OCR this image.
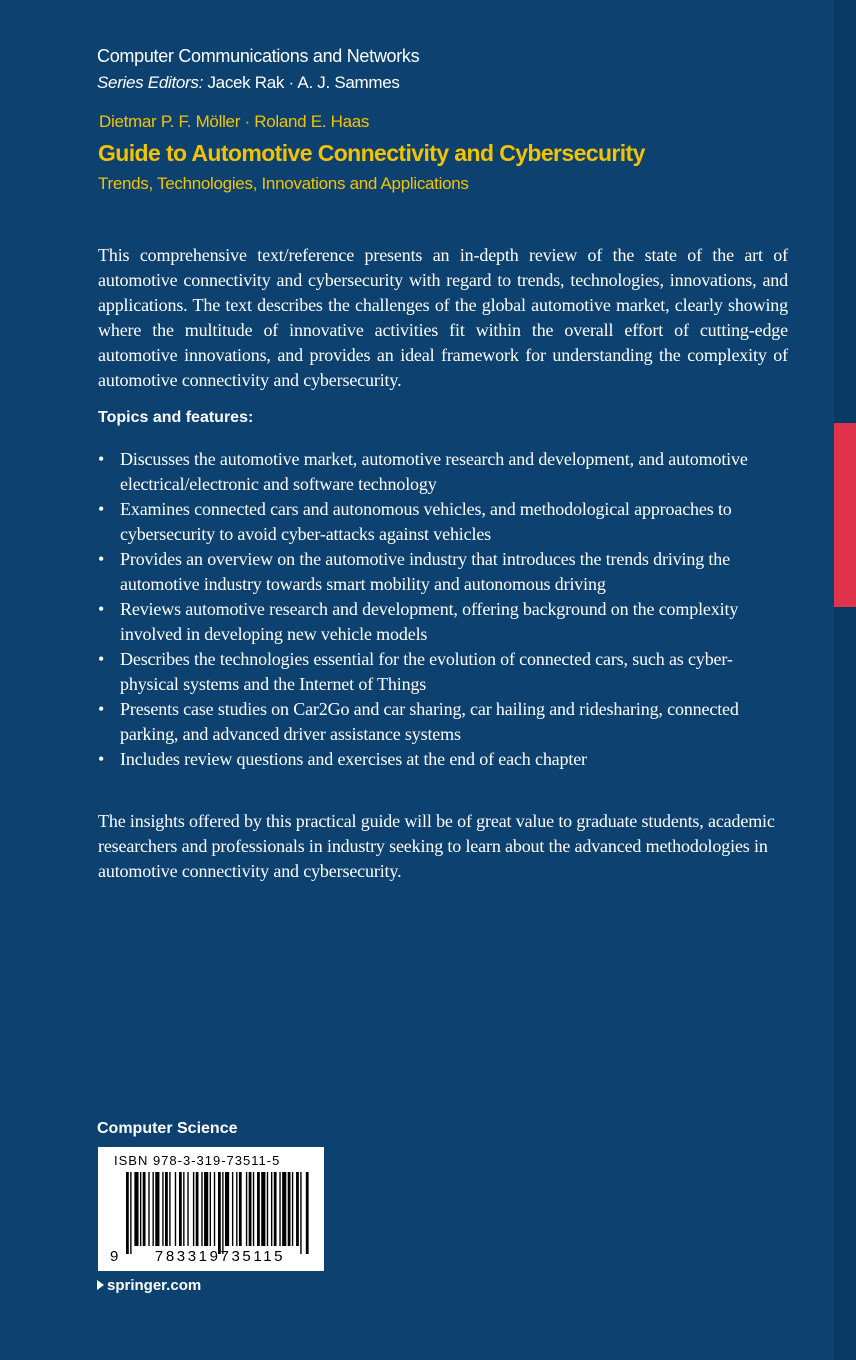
Computer Communications and Networks
Series Editors: Jacek Rak · A. J. Sammes
Dietmar P. F. Möller · Roland E. Haas
Guide to Automotive Connectivity and Cybersecurity
Trends, Technologies, Innovations and Applications

This comprehensive text/reference presents an in-depth review of the state of the art of automotive connectivity and cybersecurity with regard to trends, technologies, innovations, and applications. The text describes the challenges of the global automotive market, clearly showing where the multitude of innovative activities fit within the overall effort of cutting-edge automotive innovations, and provides an ideal framework for understanding the complexity of automotive connectivity and cybersecurity.

Topics and features:
• Discusses the automotive market, automotive research and development, and automotive electrical/electronic and software technology
• Examines connected cars and autonomous vehicles, and methodological approaches to cybersecurity to avoid cyber-attacks against vehicles
• Provides an overview on the automotive industry that introduces the trends driving the automotive industry towards smart mobility and autonomous driving
• Reviews automotive research and development, offering background on the complexity involved in developing new vehicle models
• Describes the technologies essential for the evolution of connected cars, such as cyber-physical systems and the Internet of Things
• Presents case studies on Car2Go and car sharing, car hailing and ridesharing, connected parking, and advanced driver assistance systems
• Includes review questions and exercises at the end of each chapter

The insights offered by this practical guide will be of great value to graduate students, academic researchers and professionals in industry seeking to learn about the advanced methodologies in automotive connectivity and cybersecurity.

Computer Science
ISBN 978-3-319-73511-5
9	783319735115
springer.com
